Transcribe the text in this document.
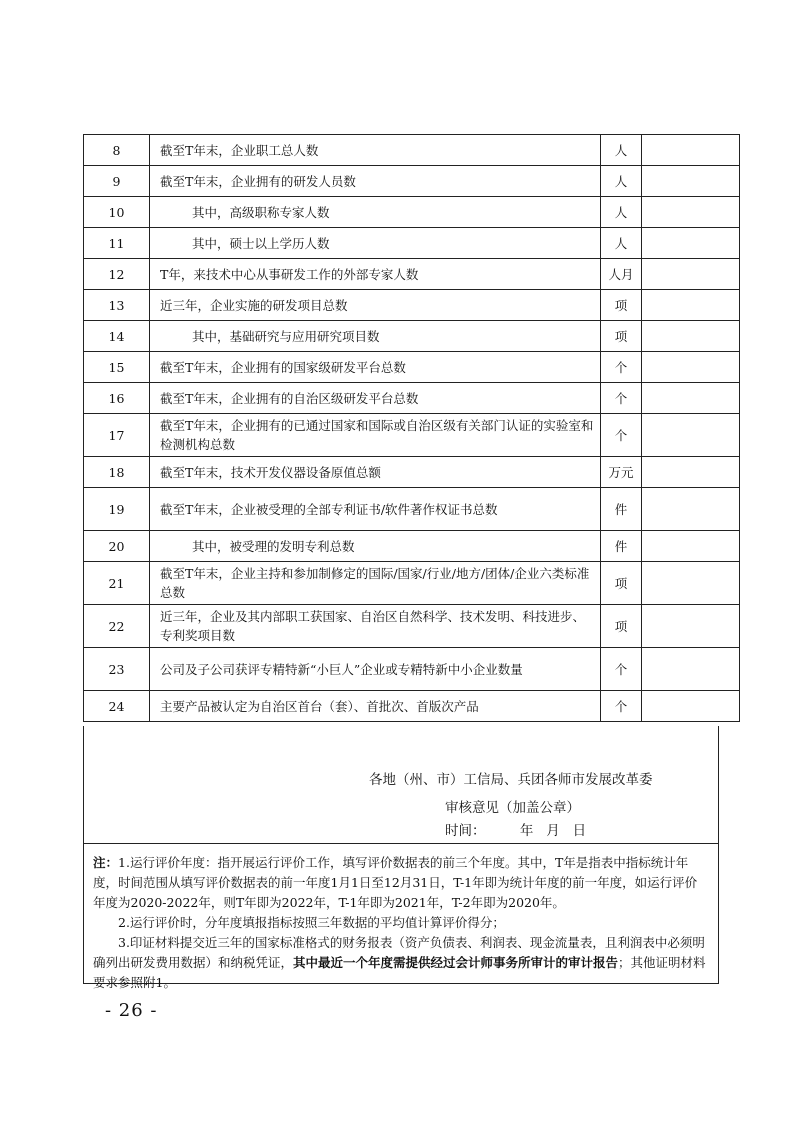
8	截至T年末，企业职工总人数	人	
9	截至T年末，企业拥有的研发人员数	人	
10	其中，高级职称专家人数	人	
11	其中，硕士以上学历人数	人	
12	T年，来技术中心从事研发工作的外部专家人数	人月	
13	近三年，企业实施的研发项目总数	项	
14	其中，基础研究与应用研究项目数	项	
15	截至T年末，企业拥有的国家级研发平台总数	个	
16	截至T年末，企业拥有的自治区级研发平台总数	个	
17	截至T年末，企业拥有的已通过国家和国际或自治区级有关部门认证的实验室和检测机构总数	个	
18	截至T年末，技术开发仪器设备原值总额	万元	
19	截至T年末，企业被受理的全部专利证书/软件著作权证书总数	件	
20	其中，被受理的发明专利总数	件	
21	截至T年末，企业主持和参加制修定的国际/国家/行业/地方/团体/企业六类标准总数	项	
22	近三年，企业及其内部职工获国家、自治区自然科学、技术发明、科技进步、专利奖项目数	项	
23	公司及子公司获评专精特新“小巨人”企业或专精特新中小企业数量	个	
24	主要产品被认定为自治区首台（套）、首批次、首版次产品	个	
各地（州、市）工信局、兵团各师市发展改革委
审核意见（加盖公章）
时间：        年   月   日

注：1.运行评价年度：指开展运行评价工作，填写评价数据表的前三个年度。其中，T年是指表中指标统计年度，时间范围从填写评价数据表的前一年度1月1日至12月31日，T-1年即为统计年度的前一年度，如运行评价年度为2020-2022年，则T年即为2022年，T-1年即为2021年，T-2年即为2020年。

2.运行评价时，分年度填报指标按照三年数据的平均值计算评价得分；

3.印证材料提交近三年的国家标准格式的财务报表（资产负债表、利润表、现金流量表，且利润表中必须明确列出研发费用数据）和纳税凭证，其中最近一个年度需提供经过会计师事务所审计的审计报告；其他证明材料要求参照附1。

- 26 -
